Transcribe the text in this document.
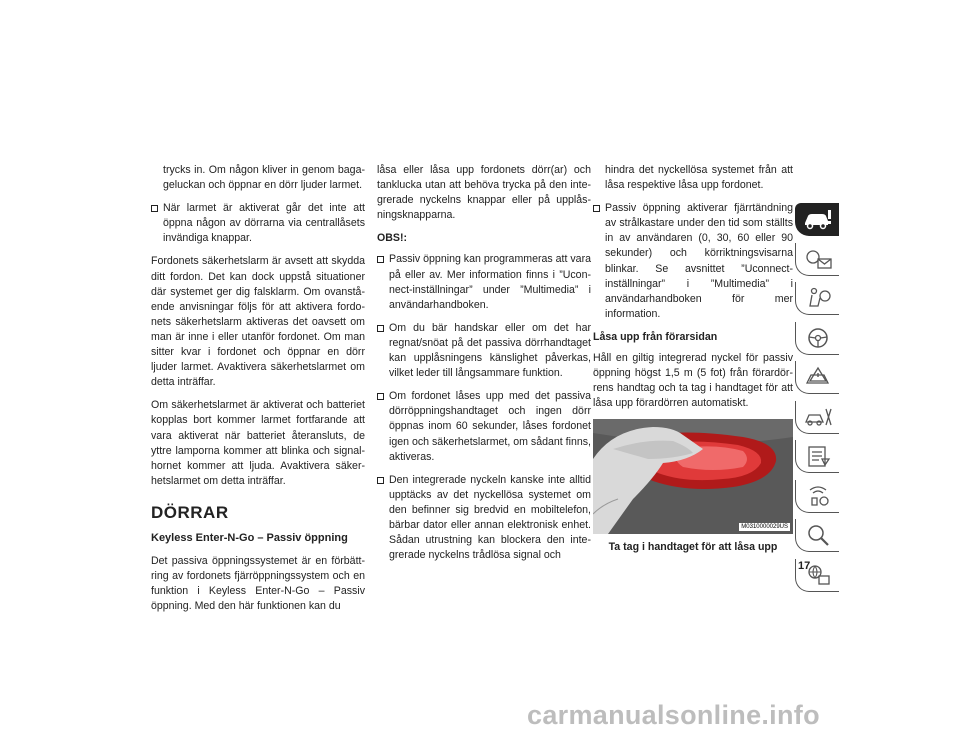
trycks in. Om någon kliver in genom bagageluckan och öppnar en dörr ljuder larmet.

När larmet är aktiverat går det inte att öppna någon av dörrarna via centrallåsets invändiga knappar.

Fordonets säkerhetslarm är avsett att skydda ditt fordon. Det kan dock uppstå situationer där systemet ger dig falsklarm. Om ovanstående anvisningar följs för att aktivera fordonets säkerhetslarm aktiveras det oavsett om man är inne i eller utanför fordonet. Om man sitter kvar i fordonet och öppnar en dörr ljuder larmet. Avaktivera säkerhetslarmet om detta inträffar.

Om säkerhetslarmet är aktiverat och batteriet kopplas bort kommer larmet fortfarande att vara aktiverat när batteriet återansluts, de yttre lamporna kommer att blinka och signalhornet kommer att ljuda. Avaktivera säkerhetslarmet om detta inträffar.

DÖRRAR
Keyless Enter-N-Go – Passiv öppning

Det passiva öppningssystemet är en förbättring av fordonets fjärröppningssystem och en funktion i Keyless Enter-N-Go – Passiv öppning. Med den här funktionen kan du

låsa eller låsa upp fordonets dörr(ar) och tanklucka utan att behöva trycka på den integrerade nyckelns knappar eller på upplåsningsknapparna.

OBS!:

Passiv öppning kan programmeras att vara på eller av. Mer information finns i ”Uconnect-inställningar” under ”Multimedia” i användarhandboken.
Om du bär handskar eller om det har regnat/snöat på det passiva dörrhandtaget kan upplåsningens känslighet påverkas, vilket leder till långsammare funktion.
Om fordonet låses upp med det passiva dörröppningshandtaget och ingen dörr öppnas inom 60 sekunder, låses fordonet igen och säkerhetslarmet, om sådant finns, aktiveras.
Den integrerade nyckeln kanske inte alltid upptäcks av det nyckellösa systemet om den befinner sig bredvid en mobiltelefon, bärbar dator eller annan elektronisk enhet. Sådan utrustning kan blockera den integrerade nyckelns trådlösa signal och

hindra det nyckellösa systemet från att låsa respektive låsa upp fordonet.

Passiv öppning aktiverar fjärrtändning av strålkastare under den tid som ställts in av användaren (0, 30, 60 eller 90 sekunder) och körriktningsvisarna blinkar. Se avsnittet ”Uconnect-inställningar” i ”Multimedia” i användarhandboken för mer information.

Låsa upp från förarsidan

Håll en giltig integrerad nyckel för passiv öppning högst 1,5 m (5 fot) från förardörrens handtag och ta tag i handtaget för att låsa upp förardörren automatiskt.

M0310000029US
Ta tag i handtaget för att låsa upp
17
carmanualsonline.info
